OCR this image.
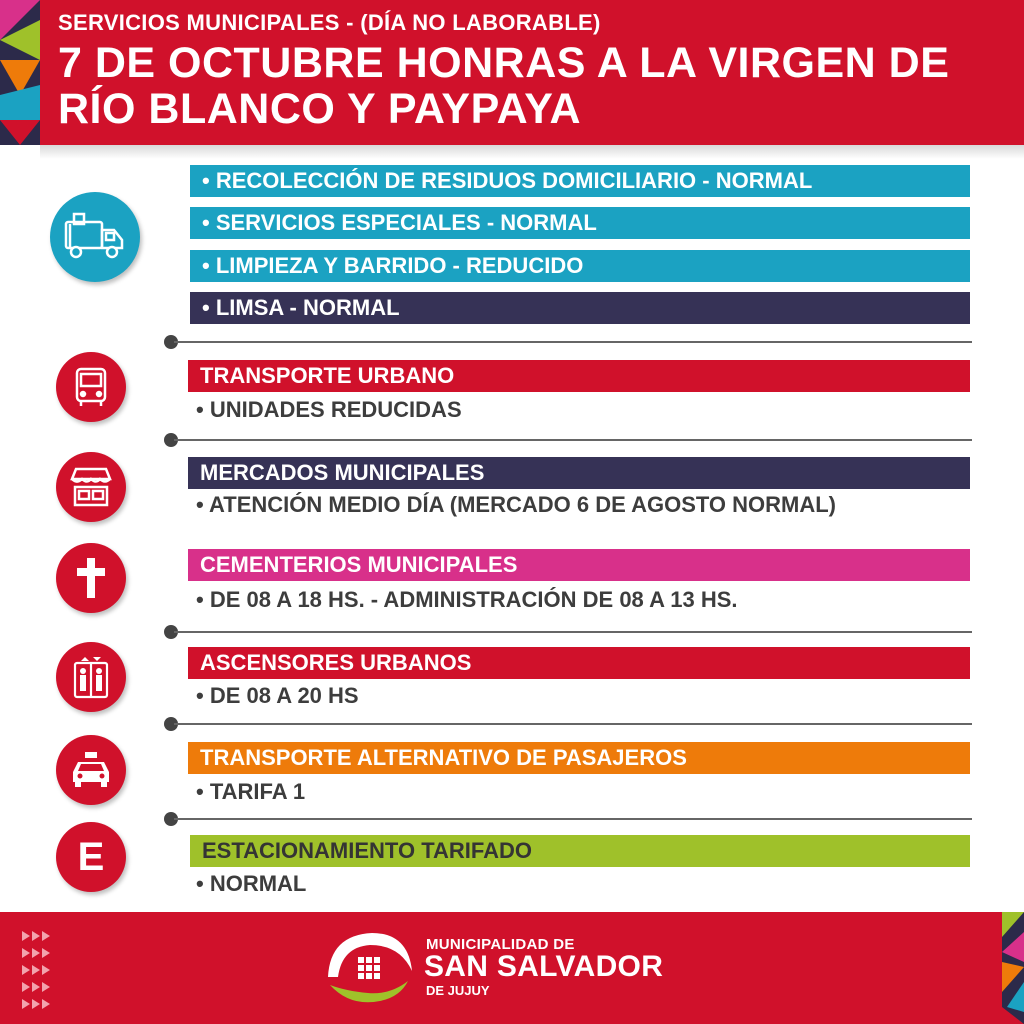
SERVICIOS MUNICIPALES - (DÍA NO LABORABLE)
7 DE OCTUBRE HONRAS A LA VIRGEN DE RÍO BLANCO Y PAYPAYA
• RECOLECCIÓN DE RESIDUOS DOMICILIARIO - NORMAL
• SERVICIOS ESPECIALES - NORMAL
• LIMPIEZA Y BARRIDO - REDUCIDO
• LIMSA - NORMAL
TRANSPORTE URBANO
• UNIDADES REDUCIDAS
MERCADOS MUNICIPALES
• ATENCIÓN MEDIO DÍA (MERCADO 6 DE AGOSTO NORMAL)
CEMENTERIOS MUNICIPALES
• DE 08 A 18 HS. - ADMINISTRACIÓN DE 08 A 13 HS.
ASCENSORES URBANOS
• DE 08 A 20 HS
TRANSPORTE ALTERNATIVO DE PASAJEROS
• TARIFA 1
E	ESTACIONAMIENTO TARIFADO
• NORMAL
MUNICIPALIDAD DE
SAN SALVADOR
DE JUJUY
